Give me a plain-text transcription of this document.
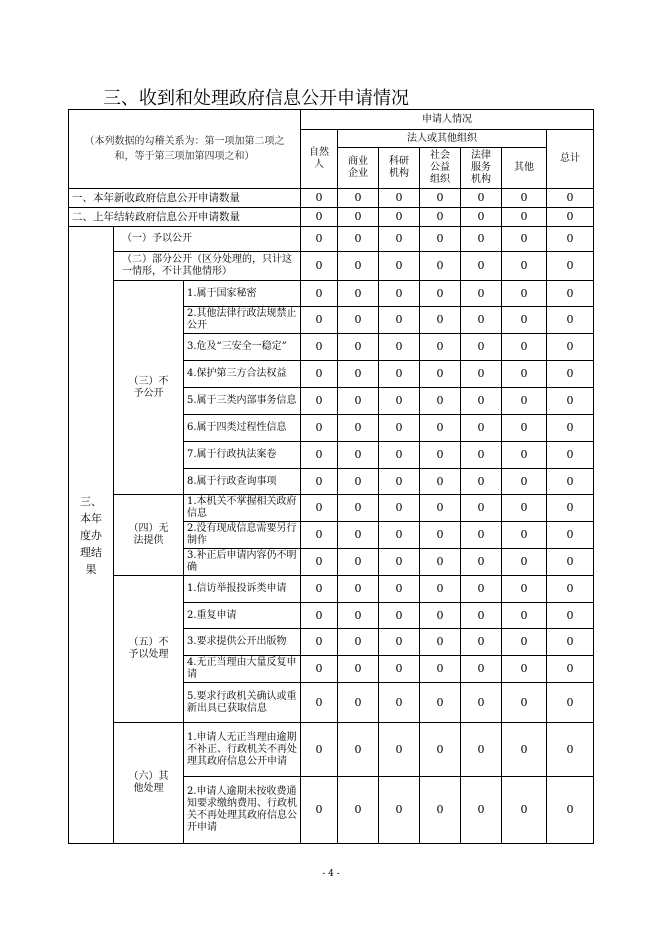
三、收到和处理政府信息公开申请情况
（本列数据的勾稽关系为：第一项加第二项之和，等于第三项加第四项之和）			申请人情况						
			自然人	法人或其他组织					总计
				商业企业	科研机构	社会公益组织	法律服务机构	其他	
一、本年新收政府信息公开申请数量			0	0	0	0	0	0	0
二、上年结转政府信息公开申请数量			0	0	0	0	0	0	0
三、本年度办理结果	（一）予以公开		0	0	0	0	0	0	0
	（二）部分公开（区分处理的，只计这一情形，不计其他情形）		0	0	0	0	0	0	0
	（三）不予公开	1.属于国家秘密	0	0	0	0	0	0	0
		2.其他法律行政法规禁止公开	0	0	0	0	0	0	0
		3.危及“三安全一稳定”	0	0	0	0	0	0	0
		4.保护第三方合法权益	0	0	0	0	0	0	0
		5.属于三类内部事务信息	0	0	0	0	0	0	0
		6.属于四类过程性信息	0	0	0	0	0	0	0
		7.属于行政执法案卷	0	0	0	0	0	0	0
		8.属于行政查询事项	0	0	0	0	0	0	0
	（四）无法提供	1.本机关不掌握相关政府信息	0	0	0	0	0	0	0
		2.没有现成信息需要另行制作	0	0	0	0	0	0	0
		3.补正后申请内容仍不明确	0	0	0	0	0	0	0
	（五）不予以处理	1.信访举报投诉类申请	0	0	0	0	0	0	0
		2.重复申请	0	0	0	0	0	0	0
		3.要求提供公开出版物	0	0	0	0	0	0	0
		4.无正当理由大量反复申请	0	0	0	0	0	0	0
		5.要求行政机关确认或重新出具已获取信息	0	0	0	0	0	0	0
	（六）其他处理	1.申请人无正当理由逾期不补正、行政机关不再处理其政府信息公开申请	0	0	0	0	0	0	0
		2.申请人逾期未按收费通知要求缴纳费用、行政机关不再处理其政府信息公开申请	0	0	0	0	0	0	0
- 4 -
